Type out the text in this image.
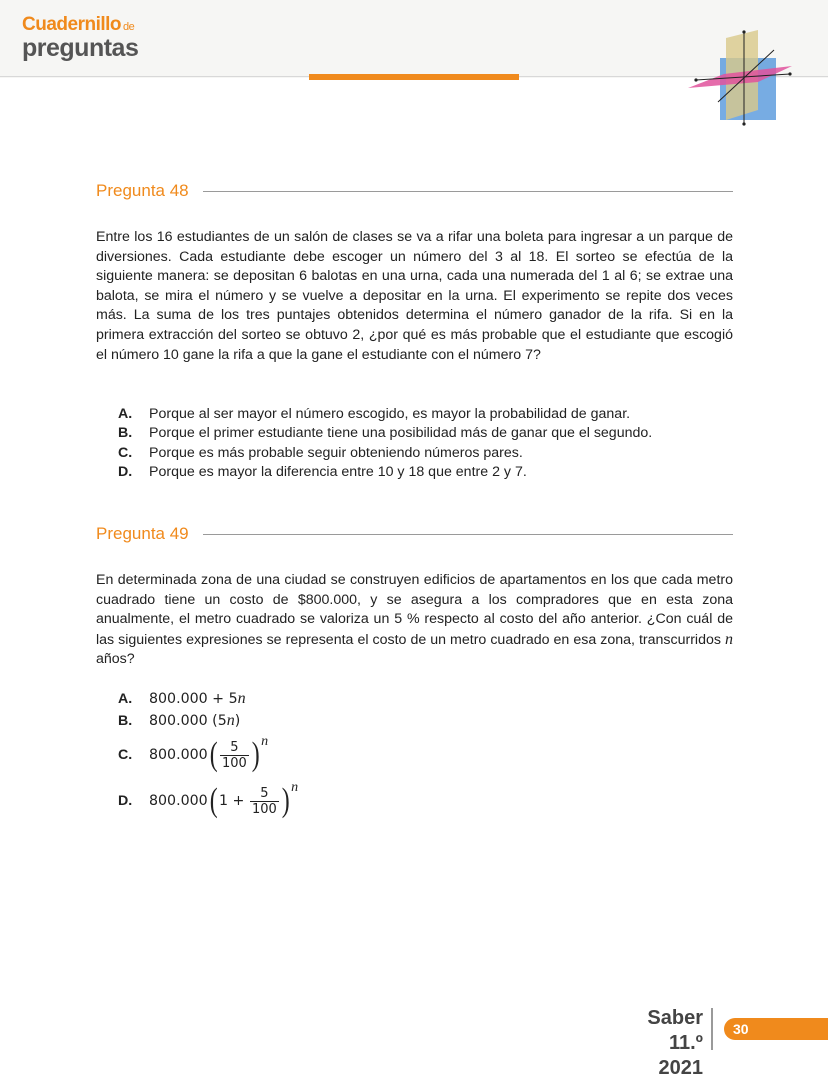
Cuadernillo de
preguntas
Pregunta 48
Entre los 16 estudiantes de un salón de clases se va a rifar una boleta para ingresar a un parque de diversiones. Cada estudiante debe escoger un número del 3 al 18. El sorteo se efectúa de la siguiente manera: se depositan 6 balotas en una urna, cada una numerada del 1 al 6; se extrae una balota, se mira el número y se vuelve a depositar en la urna. El experimento se repite dos veces más. La suma de los tres puntajes obtenidos determina el número ganador de la rifa. Si en la primera extracción del sorteo se obtuvo 2, ¿por qué es más probable que el estudiante que escogió el número 10 gane la rifa a que la gane el estudiante con el número 7?
A.	Porque al ser mayor el número escogido, es mayor la probabilidad de ganar.
B.	Porque el primer estudiante tiene una posibilidad más de ganar que el segundo.
C.	Porque es más probable seguir obteniendo números pares.
D.	Porque es mayor la diferencia entre 10 y 18 que entre 2 y 7.
Pregunta 49
En determinada zona de una ciudad se construyen edificios de apartamentos en los que cada metro cuadrado tiene un costo de $800.000, y se asegura a los compradores que en esta zona anualmente, el metro cuadrado se valoriza un 5 % respecto al costo del año anterior. ¿Con cuál de las siguientes expresiones se representa el costo de un metro cuadrado en esa zona, transcurridos n años?
A.	800.000 + 5 n
B.	800.000 (5 n )
C.	800.000 ( $\frac{5}{100}$ ) n
D.	800.000 ( $1 + \frac{5}{100}$ ) n
Saber 11.º
2021
30
